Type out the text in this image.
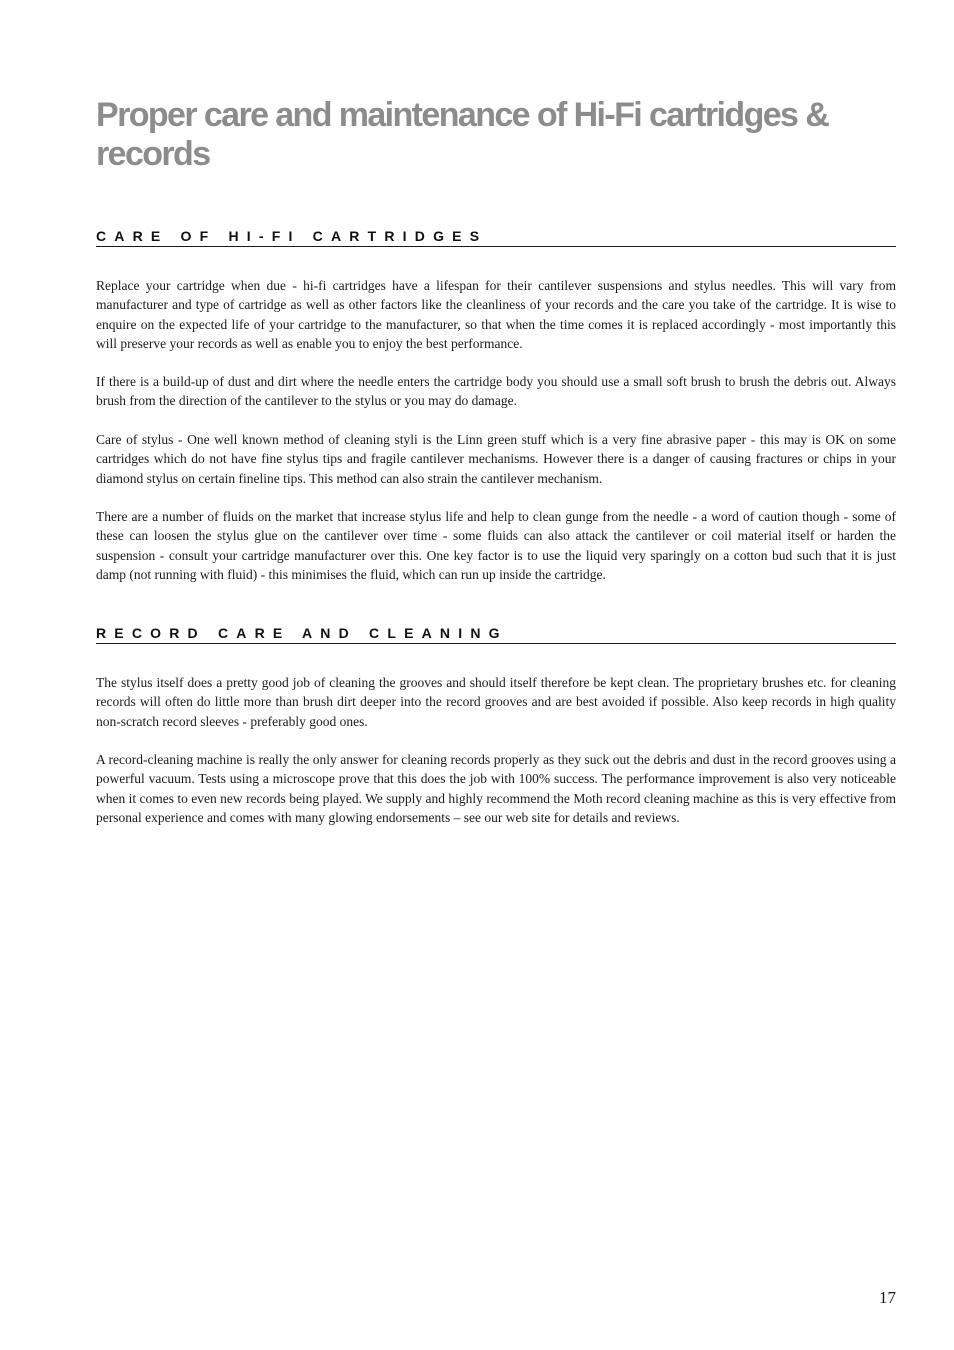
Proper care and maintenance of Hi-Fi cartridges & records
CARE OF HI-FI CARTRIDGES

Replace your cartridge when due - hi-fi cartridges have a lifespan for their cantilever suspensions and stylus needles. This will vary from manufacturer and type of cartridge as well as other factors like the cleanliness of your records and the care you take of the cartridge. It is wise to enquire on the expected life of your cartridge to the manufacturer, so that when the time comes it is replaced accordingly - most importantly this will preserve your records as well as enable you to enjoy the best performance.

If there is a build-up of dust and dirt where the needle enters the cartridge body you should use a small soft brush to brush the debris out. Always brush from the direction of the cantilever to the stylus or you may do damage.

Care of stylus - One well known method of cleaning styli is the Linn green stuff which is a very fine abrasive paper - this may is OK on some cartridges which do not have fine stylus tips and fragile cantilever mechanisms. However there is a danger of causing fractures or chips in your diamond stylus on certain fineline tips. This method can also strain the cantilever mechanism.

There are a number of fluids on the market that increase stylus life and help to clean gunge from the needle - a word of caution though - some of these can loosen the stylus glue on the cantilever over time - some fluids can also attack the cantilever or coil material itself or harden the suspension - consult your cartridge manufacturer over this. One key factor is to use the liquid very sparingly on a cotton bud such that it is just damp (not running with fluid) - this minimises the fluid, which can run up inside the cartridge.

RECORD CARE AND CLEANING

The stylus itself does a pretty good job of cleaning the grooves and should itself therefore be kept clean. The proprietary brushes etc. for cleaning records will often do little more than brush dirt deeper into the record grooves and are best avoided if possible. Also keep records in high quality non-scratch record sleeves - preferably good ones.

A record-cleaning machine is really the only answer for cleaning records properly as they suck out the debris and dust in the record grooves using a powerful vacuum. Tests using a microscope prove that this does the job with 100% success. The performance improvement is also very noticeable when it comes to even new records being played. We supply and highly recommend the Moth record cleaning machine as this is very effective from personal experience and comes with many glowing endorsements – see our web site for details and reviews.

17
